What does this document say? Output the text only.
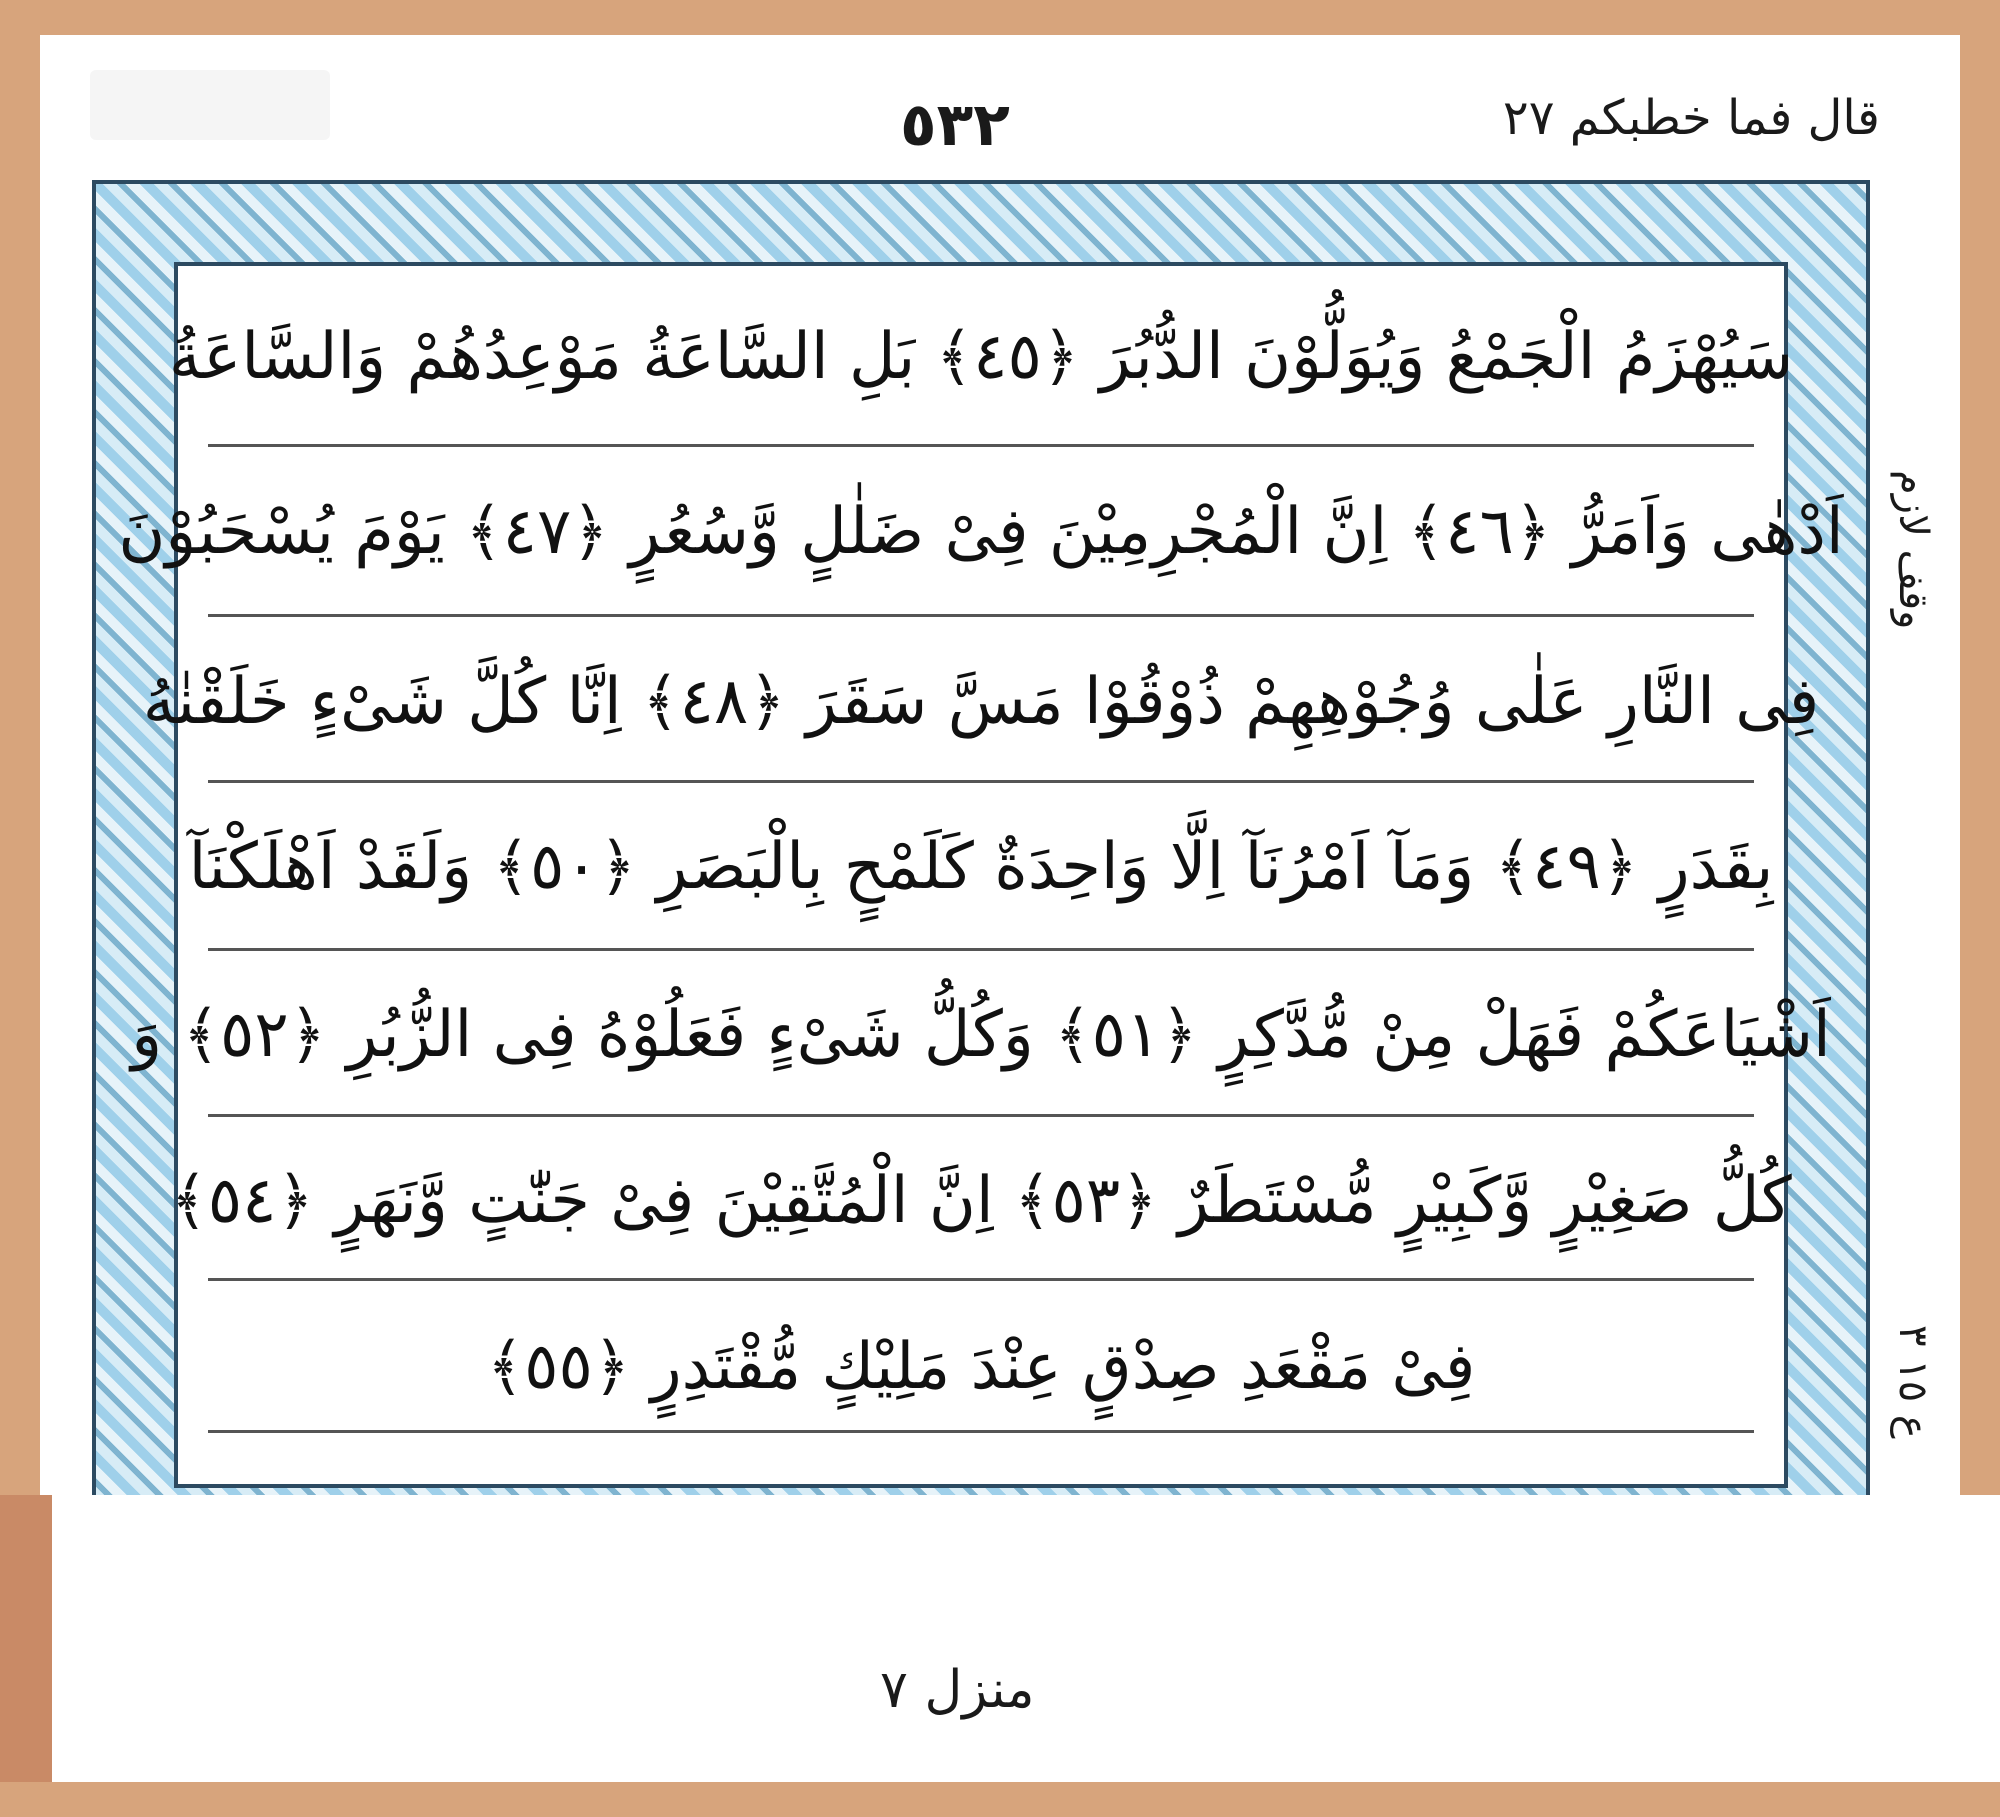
٥٣٢	قال فما خطبكم ٢٧
سَيُهْزَمُ الْجَمْعُ وَيُوَلُّوْنَ الدُّبُرَ ﴿٤٥﴾ بَلِ السَّاعَةُ مَوْعِدُهُمْ وَالسَّاعَةُ
اَدْهٰى وَاَمَرُّ ﴿٤٦﴾ اِنَّ الْمُجْرِمِيْنَ فِىْ ضَلٰلٍ وَّسُعُرٍ ﴿٤٧﴾ يَوْمَ يُسْحَبُوْنَ
فِى النَّارِ عَلٰى وُجُوْهِهِمْ ذُوْقُوْا مَسَّ سَقَرَ ﴿٤٨﴾ اِنَّا كُلَّ شَىْءٍ خَلَقْنٰهُ
بِقَدَرٍ ﴿٤٩﴾ وَمَآ اَمْرُنَآ اِلَّا وَاحِدَةٌ كَلَمْحٍ بِالْبَصَرِ ﴿٥٠﴾ وَلَقَدْ اَهْلَكْنَآ
اَشْيَاعَكُمْ فَهَلْ مِنْ مُّدَّكِرٍ ﴿٥١﴾ وَكُلُّ شَىْءٍ فَعَلُوْهُ فِى الزُّبُرِ ﴿٥٢﴾ وَ
كُلُّ صَغِيْرٍ وَّكَبِيْرٍ مُّسْتَطَرٌ ﴿٥٣﴾ اِنَّ الْمُتَّقِيْنَ فِىْ جَنّٰتٍ وَّنَهَرٍ ﴿٥٤﴾
فِىْ مَقْعَدِ صِدْقٍ عِنْدَ مَلِيْكٍ مُّقْتَدِرٍ ﴿٥٥﴾
وقف لازم
ع ١٥ ٣
منزل ٧
